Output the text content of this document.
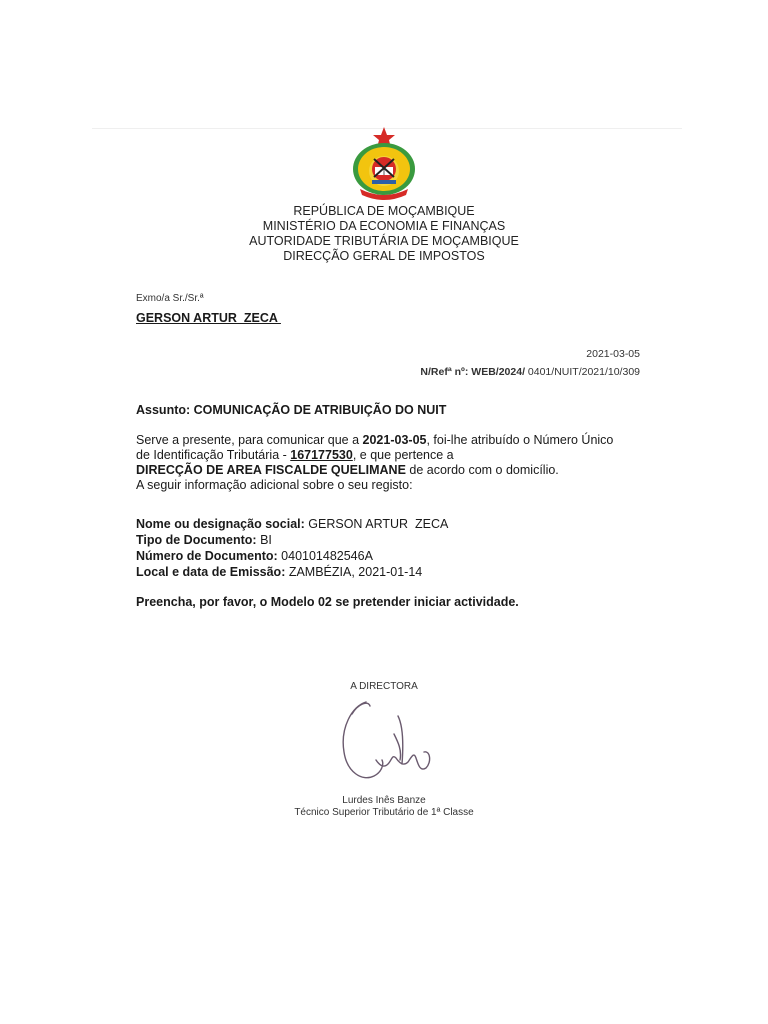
REPÚBLICA DE MOÇAMBIQUE
MINISTÉRIO DA ECONOMIA E FINANÇAS
AUTORIDADE TRIBUTÁRIA DE MOÇAMBIQUE
DIRECÇÃO GERAL DE IMPOSTOS
Exmo/a Sr./Sr.ª
GERSON ARTUR  ZECA
2021-03-05
N/Refª nº: WEB/2024/ 0401/NUIT/2021/10/309
Assunto: COMUNICAÇÃO DE ATRIBUIÇÃO DO NUIT
Serve a presente, para comunicar que a 2021-03-05, foi-lhe atribuído o Número Único
de Identificação Tributária - 167177530, e que pertence a
DIRECÇÃO DE AREA FISCALDE QUELIMANE de acordo com o domicílio.
A seguir informação adicional sobre o seu registo:
Nome ou designação social: GERSON ARTUR  ZECA
Tipo de Documento: BI
Número de Documento: 040101482546A
Local e data de Emissão: ZAMBÉZIA, 2021-01-14
Preencha, por favor, o Modelo 02 se pretender iniciar actividade.
A DIRECTORA
Lurdes Inês Banze
Técnico Superior Tributário de 1ª Classe
